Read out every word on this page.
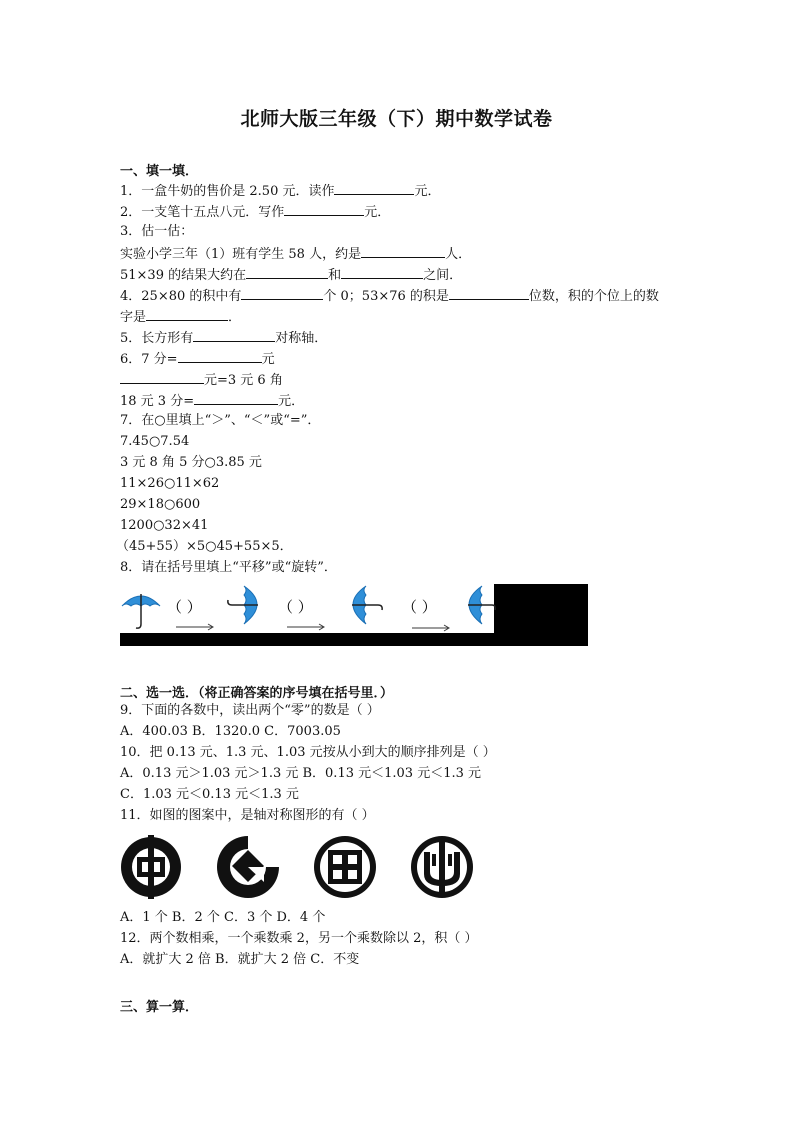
北师大版三年级（下）期中数学试卷
一、填一填．
1．一盒牛奶的售价是 2.50 元．读作	元．
2．一支笔十五点八元．写作	元．
3．估一估：
实验小学三年（1）班有学生 58 人，约是	人．
51×39 的结果大约在	和	之间．
4．25×80 的积中有	个 0；53×76 的积是	位数，积的个位上的数
字是	．
5．长方形有	对称轴．
6．7 分=	元
元=3 元 6 角
18 元 3 分=	元．
7．在○里填上“＞”、“＜”或“=”．
7.45○7.54
3 元 8 角 5 分○3.85 元
11×26○11×62
29×18○600
1200○32×41
（45+55）×5○45+55×5．
8．请在括号里填上“平移”或“旋转”．
（ ）	（ ）	（ ）
二、选一选．（将正确答案的序号填在括号里．）
9．下面的各数中，读出两个“零”的数是（ ）
A．400.03 B．1320.0 C．7003.05
10．把 0.13 元、1.3 元、1.03 元按从小到大的顺序排列是（ ）
A．0.13 元＞1.03 元＞1.3 元 B．0.13 元＜1.03 元＜1.3 元
C．1.03 元＜0.13 元＜1.3 元
11．如图的图案中，是轴对称图形的有（ ）
A．1 个 B．2 个 C．3 个 D．4 个
12．两个数相乘，一个乘数乘 2，另一个乘数除以 2，积（ ）
A．就扩大 2 倍 B．就扩大 2 倍 C．不变
三、算一算．
